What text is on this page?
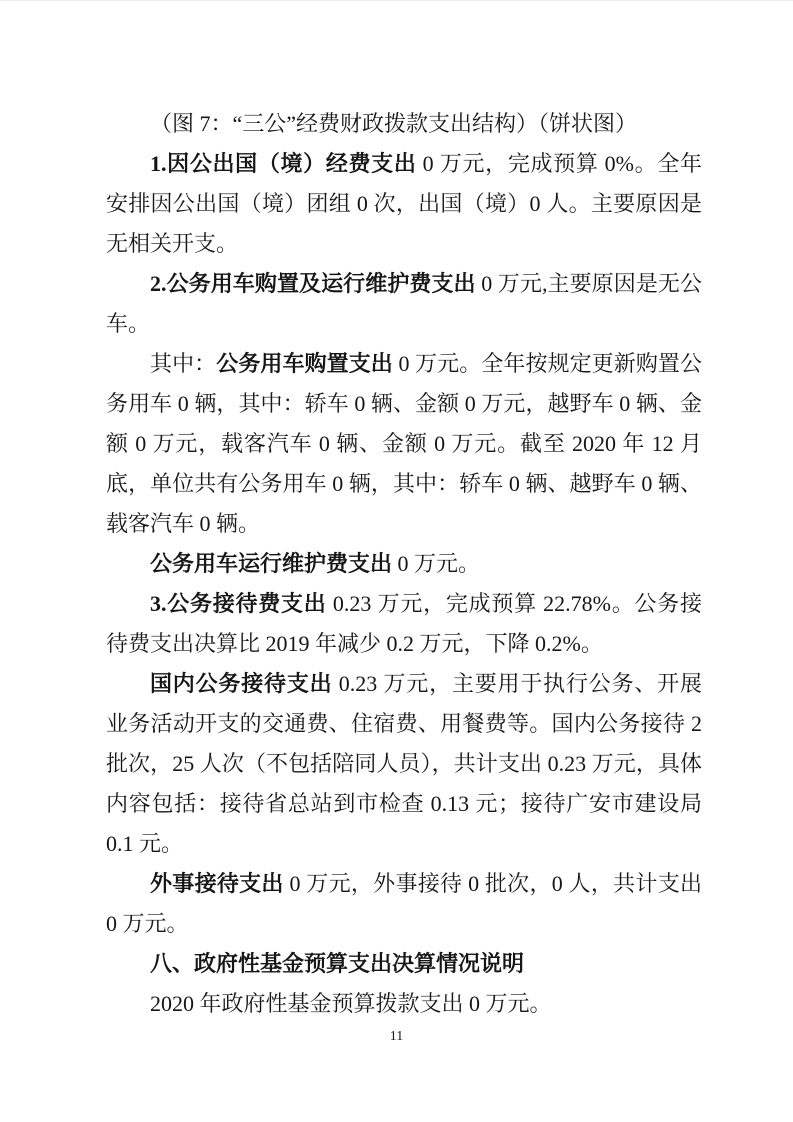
（图 7：“三公”经费财政拨款支出结构）（饼状图）

1.因公出国（境）经费支出 0 万元，完成预算 0%。全年安排因公出国（境）团组 0 次，出国（境）0 人。主要原因是无相关开支。

2.公务用车购置及运行维护费支出 0 万元,主要原因是无公车。

其中：公务用车购置支出 0 万元。全年按规定更新购置公务用车 0 辆，其中：轿车 0 辆、金额 0 万元，越野车 0 辆、金额 0 万元，载客汽车 0 辆、金额 0 万元。截至 2020 年 12 月底，单位共有公务用车 0 辆，其中：轿车 0 辆、越野车 0 辆、载客汽车 0 辆。

公务用车运行维护费支出 0 万元。

3.公务接待费支出 0.23 万元，完成预算 22.78%。公务接待费支出决算比 2019 年减少 0.2 万元，下降 0.2%。

国内公务接待支出 0.23 万元，主要用于执行公务、开展业务活动开支的交通费、住宿费、用餐费等。国内公务接待 2 批次，25 人次（不包括陪同人员），共计支出 0.23 万元，具体内容包括：接待省总站到市检查 0.13 元；接待广安市建设局 0.1 元。

外事接待支出 0 万元，外事接待 0 批次，0 人，共计支出 0 万元。

八、政府性基金预算支出决算情况说明

2020 年政府性基金预算拨款支出 0 万元。

11
